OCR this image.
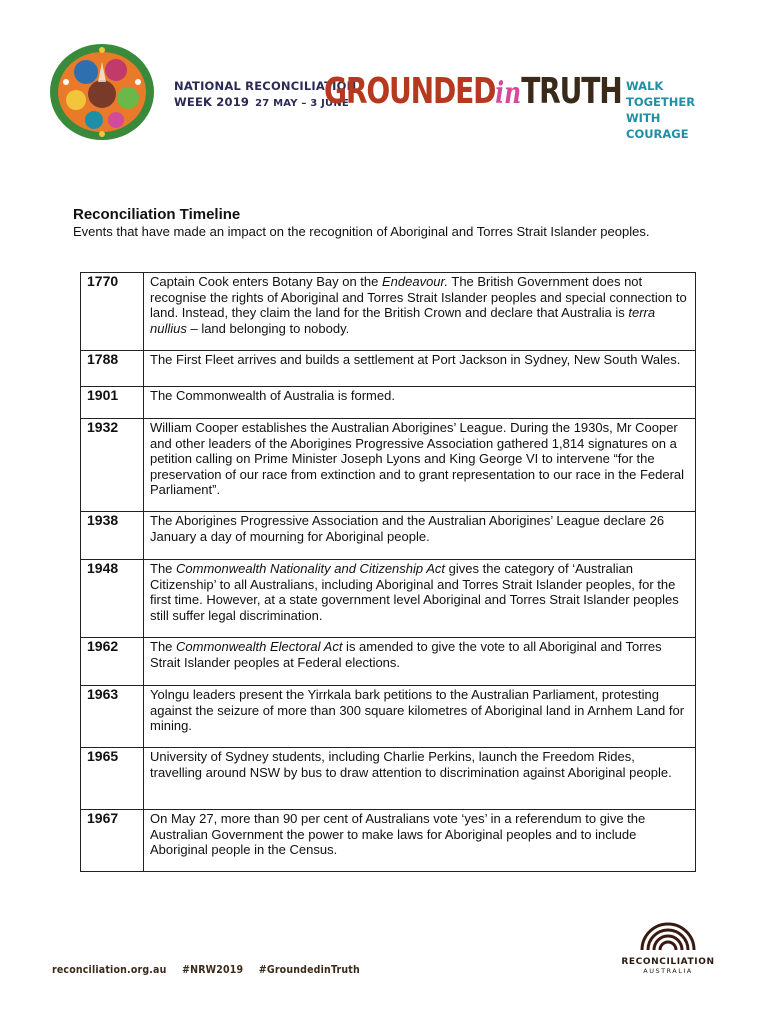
NATIONAL RECONCILIATION
WEEK 2019 27 MAY – 3 JUNE
GROUNDEDinTRUTH WALK TOGETHER
WITH COURAGE
Reconciliation Timeline

Events that have made an impact on the recognition of Aboriginal and Torres Strait Islander peoples.

1770	Captain Cook enters Botany Bay on the Endeavour. The British Government does not recognise the rights of Aboriginal and Torres Strait Islander peoples and special connection to land. Instead, they claim the land for the British Crown and declare that Australia is terra nullius – land belonging to nobody.
1788	The First Fleet arrives and builds a settlement at Port Jackson in Sydney, New South Wales.
1901	The Commonwealth of Australia is formed.
1932	William Cooper establishes the Australian Aborigines’ League. During the 1930s, Mr Cooper and other leaders of the Aborigines Progressive Association gathered 1,814 signatures on a petition calling on Prime Minister Joseph Lyons and King George VI to intervene “for the preservation of our race from extinction and to grant representation to our race in the Federal Parliament”.
1938	The Aborigines Progressive Association and the Australian Aborigines’ League declare 26 January a day of mourning for Aboriginal people.
1948	The Commonwealth Nationality and Citizenship Act gives the category of ‘Australian Citizenship’ to all Australians, including Aboriginal and Torres Strait Islander peoples, for the first time. However, at a state government level Aboriginal and Torres Strait Islander peoples still suffer legal discrimination.
1962	The Commonwealth Electoral Act is amended to give the vote to all Aboriginal and Torres Strait Islander peoples at Federal elections.
1963	Yolngu leaders present the Yirrkala bark petitions to the Australian Parliament, protesting against the seizure of more than 300 square kilometres of Aboriginal land in Arnhem Land for mining.
1965	University of Sydney students, including Charlie Perkins, launch the Freedom Rides, travelling around NSW by bus to draw attention to discrimination against Aboriginal people.
1967	On May 27, more than 90 per cent of Australians vote ‘yes’ in a referendum to give the Australian Government the power to make laws for Aboriginal peoples and to include Aboriginal people in the Census.
reconciliation.org.au #NRW2019 #GroundedinTruth
RECONCILIATION
AUSTRALIA
